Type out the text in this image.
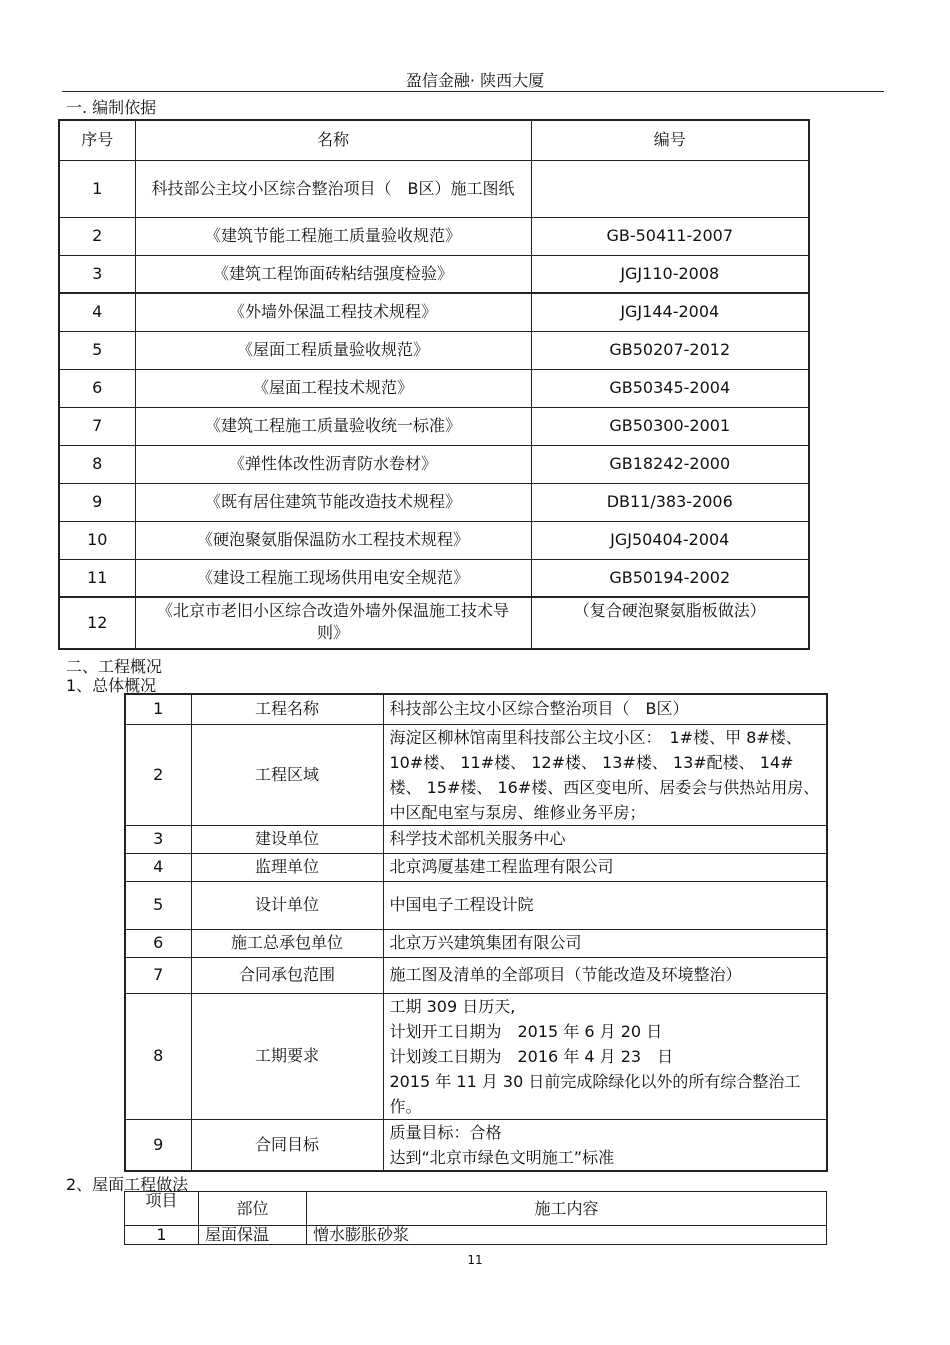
盈信金融· 陕西大厦
一. 编制依据
序号	名称	编号
1	科技部公主坟小区综合整治项目（　B区）施工图纸	
2	《建筑节能工程施工质量验收规范》	GB-50411-2007
3	《建筑工程饰面砖粘结强度检验》	JGJ110-2008
4	《外墙外保温工程技术规程》	JGJ144-2004
5	《屋面工程质量验收规范》	GB50207-2012
6	《屋面工程技术规范》	GB50345-2004
7	《建筑工程施工质量验收统一标准》	GB50300-2001
8	《弹性体改性沥青防水卷材》	GB18242-2000
9	《既有居住建筑节能改造技术规程》	DB11/383-2006
10	《硬泡聚氨脂保温防水工程技术规程》	JGJ50404-2004
11	《建设工程施工现场供用电安全规范》	GB50194-2002
12	《北京市老旧小区综合改造外墙外保温施工技术导则》	（复合硬泡聚氨脂板做法）
二、工程概况
1、总体概况
1	工程名称	科技部公主坟小区综合整治项目（　B区）
2	工程区域	海淀区柳林馆南里科技部公主坟小区：　1#楼、甲 8#楼、 10#楼、 11#楼、 12#楼、 13#楼、 13#配楼、 14#楼、 15#楼、 16#楼、西区变电所、居委会与供热站用房、中区配电室与泵房、维修业务平房；
3	建设单位	科学技术部机关服务中心
4	监理单位	北京鸿厦基建工程监理有限公司
5	设计单位	中国电子工程设计院
6	施工总承包单位	北京万兴建筑集团有限公司
7	合同承包范围	施工图及清单的全部项目（节能改造及环境整治）
8	工期要求	工期 309 日历天,
计划开工日期为　2015 年 6 月 20 日
计划竣工日期为　2016 年 4 月 23　日
2015 年 11 月 30 日前完成除绿化以外的所有综合整治工作。

9	合同目标	质量目标：合格
达到“北京市绿色文明施工”标准
2、屋面工程做法
项目	部位	施工内容
1	屋面保温	憎水膨胀砂浆
11
